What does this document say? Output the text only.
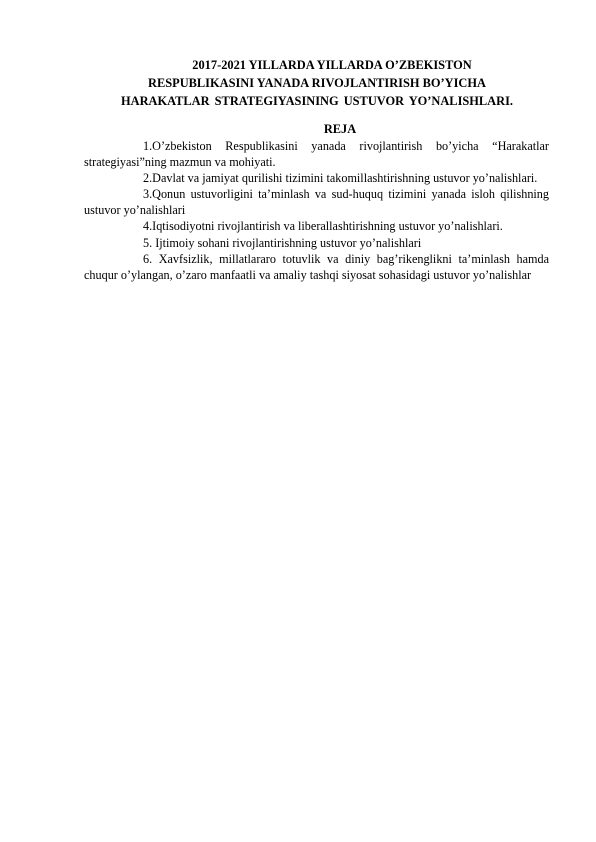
2017-2021 YILLARDA YILLARDA O’ZBEKISTON
RESPUBLIKASINI YANADA RIVOJLANTIRISH BO’YICHA
HARAKATLAR STRATEGIYASINING USTUVOR YO’NALISHLARI.
REJA

1.O’zbekiston Respublikasini yanada rivojlantirish bo’yicha “Harakatlar strategiyasi”ning mazmun va mohiyati.

2.Davlat va jamiyat qurilishi tizimini takomillashtirishning ustuvor yo’nalishlari.

3.Qonun ustuvorligini ta’minlash va sud-huquq tizimini yanada isloh qilishning ustuvor yo’nalishlari

4.Iqtisodiyotni rivojlantirish va liberallashtirishning ustuvor yo’nalishlari.

5. Ijtimoiy sohani rivojlantirishning ustuvor yo’nalishlari

6. Xavfsizlik, millatlararo totuvlik va diniy bag’rikenglikni ta’minlash hamda chuqur o’ylangan, o’zaro manfaatli va amaliy tashqi siyosat sohasidagi ustuvor yo’nalishlar
